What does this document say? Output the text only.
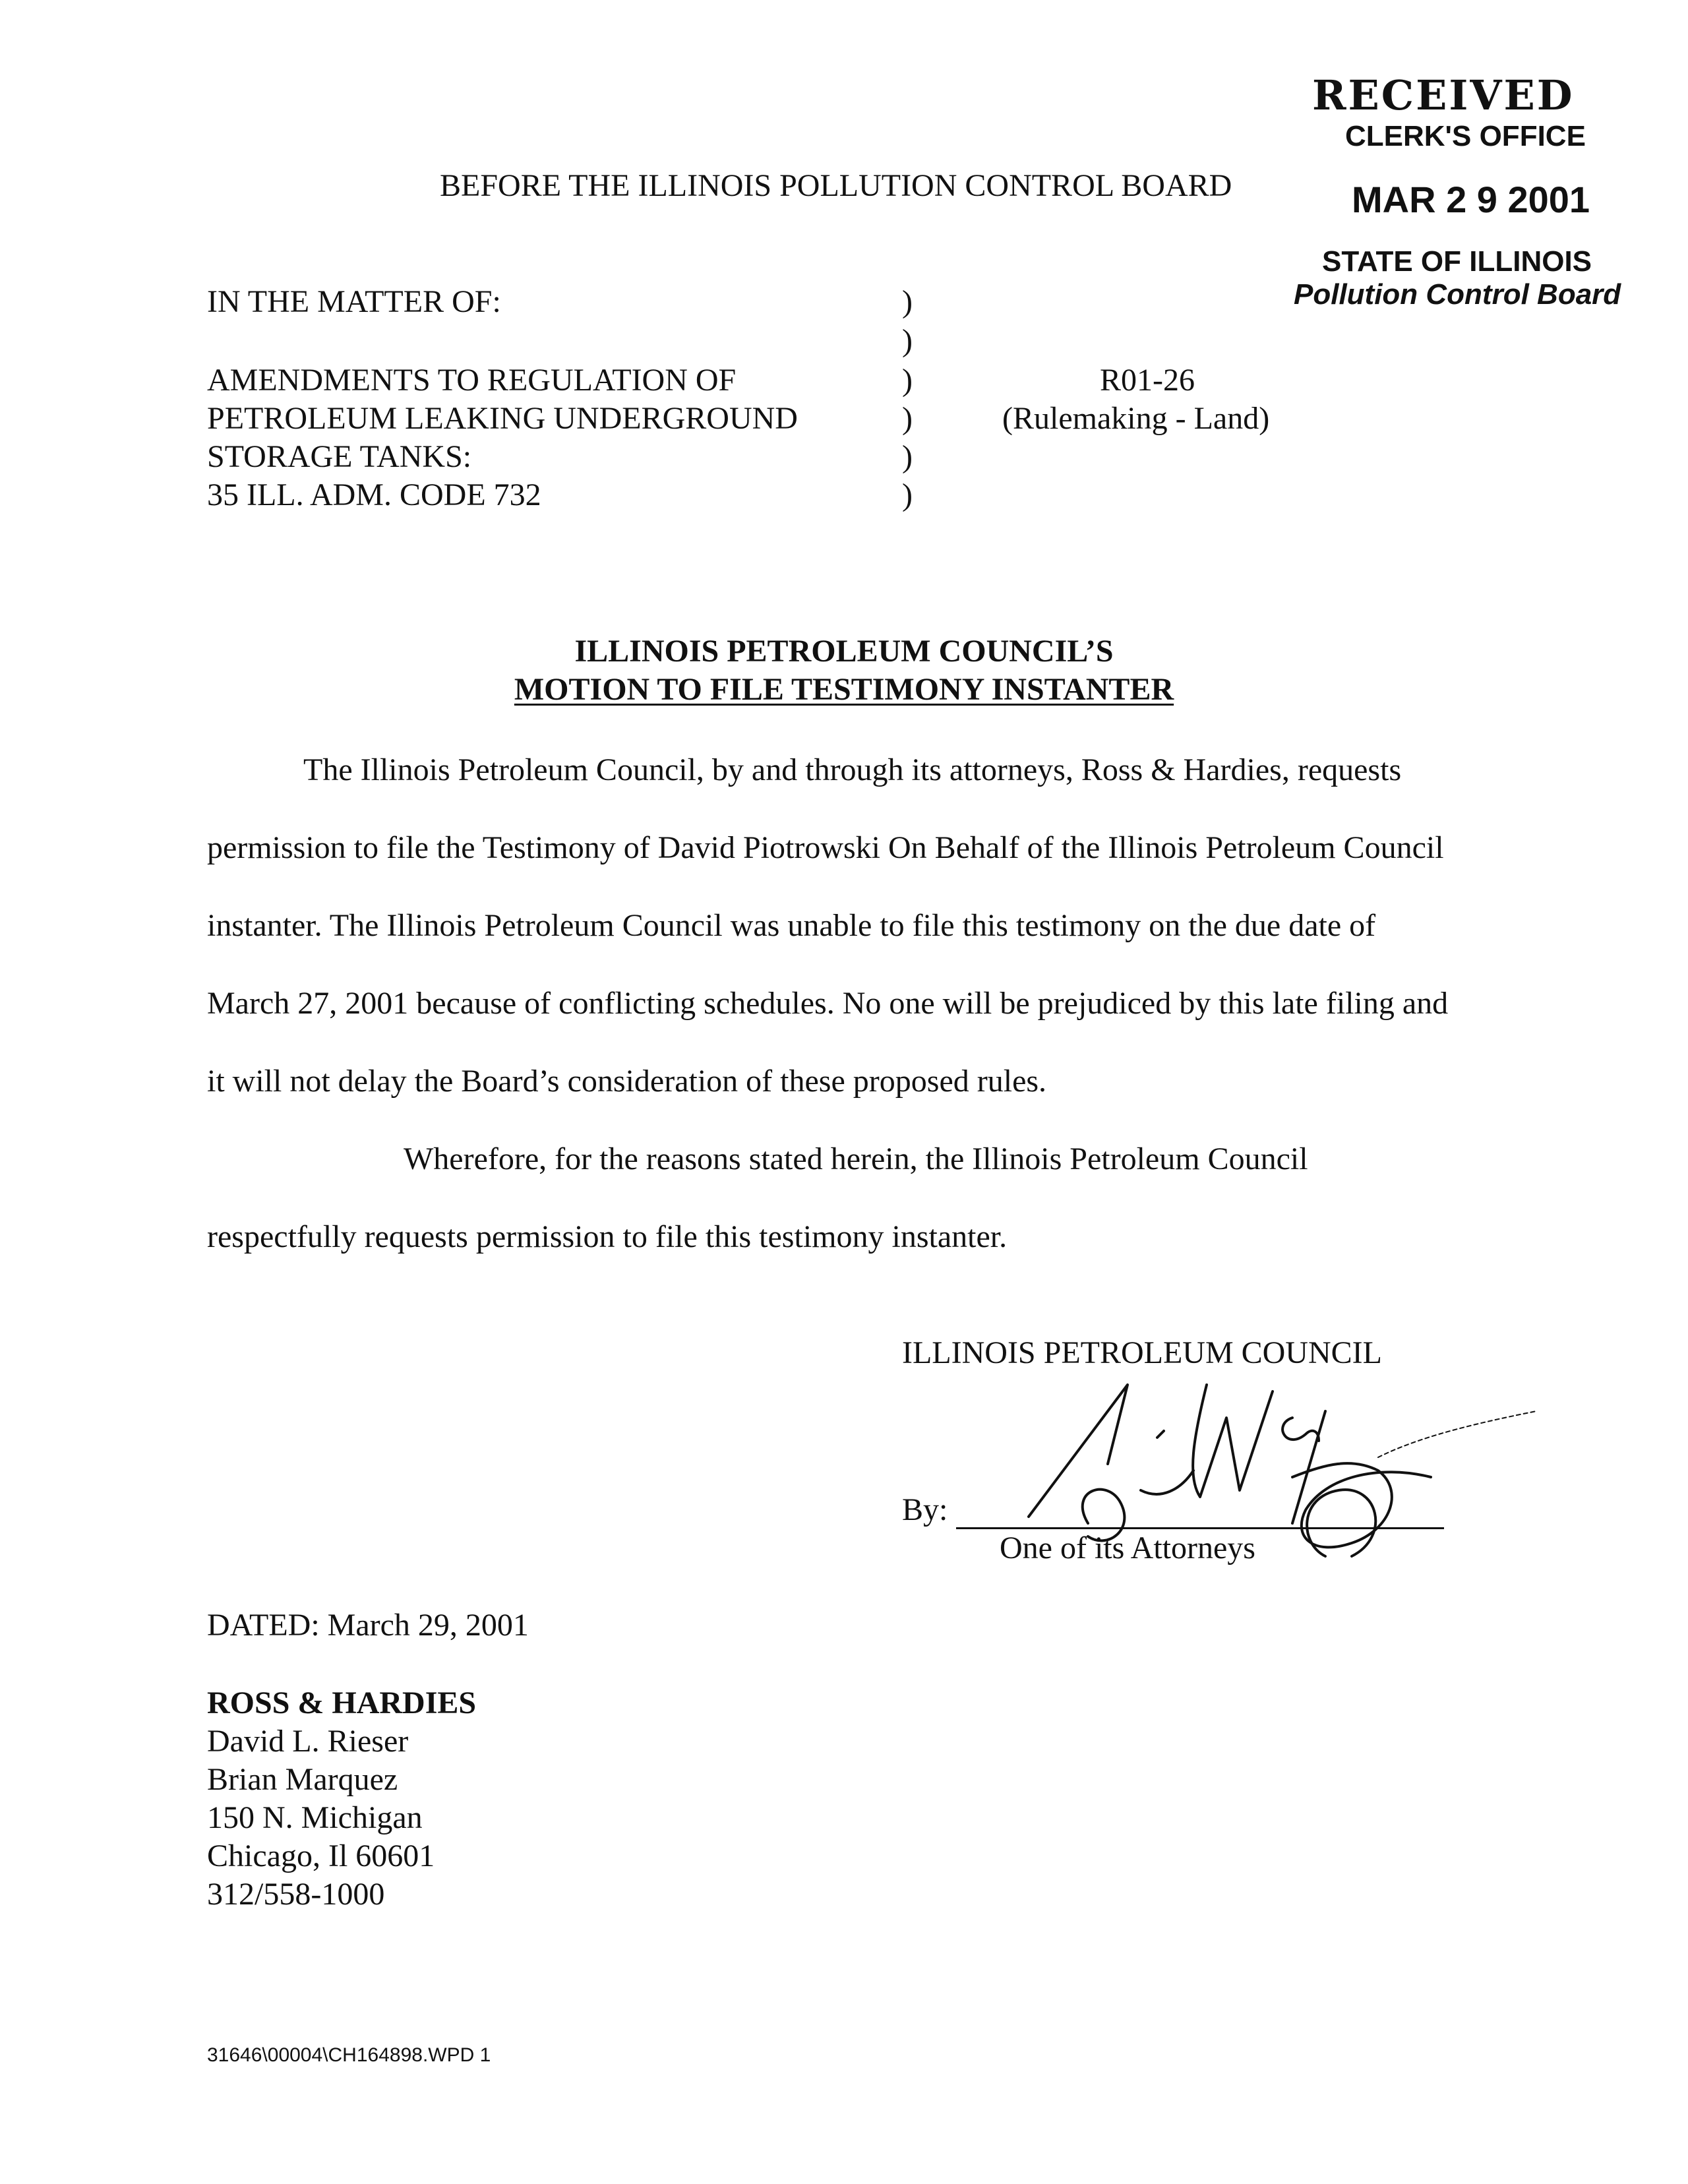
RECEIVED
CLERK'S OFFICE
MAR 2 9 2001
STATE OF ILLINOIS
Pollution Control Board
BEFORE THE ILLINOIS POLLUTION CONTROL BOARD
IN THE MATTER OF:
AMENDMENTS TO REGULATION OF
PETROLEUM LEAKING UNDERGROUND
STORAGE TANKS:
35 ILL. ADM. CODE 732
)
)
)
)
)
)
R01-26
(Rulemaking - Land)
ILLINOIS PETROLEUM COUNCIL’S
MOTION TO FILE TESTIMONY INSTANTER
The Illinois Petroleum Council, by and through its attorneys, Ross & Hardies, requests
permission to file the Testimony of David Piotrowski On Behalf of the Illinois Petroleum Council
instanter. The Illinois Petroleum Council was unable to file this testimony on the due date of
March 27, 2001 because of conflicting schedules. No one will be prejudiced by this late filing and
it will not delay the Board’s consideration of these proposed rules.
Wherefore, for the reasons stated herein, the Illinois Petroleum Council
respectfully requests permission to file this testimony instanter.
ILLINOIS PETROLEUM COUNCIL
By:
One of its Attorneys
DATED: March 29, 2001
ROSS & HARDIES
David L. Rieser
Brian Marquez
150 N. Michigan
Chicago, Il 60601
312/558-1000
31646\00004\CH164898.WPD 1
